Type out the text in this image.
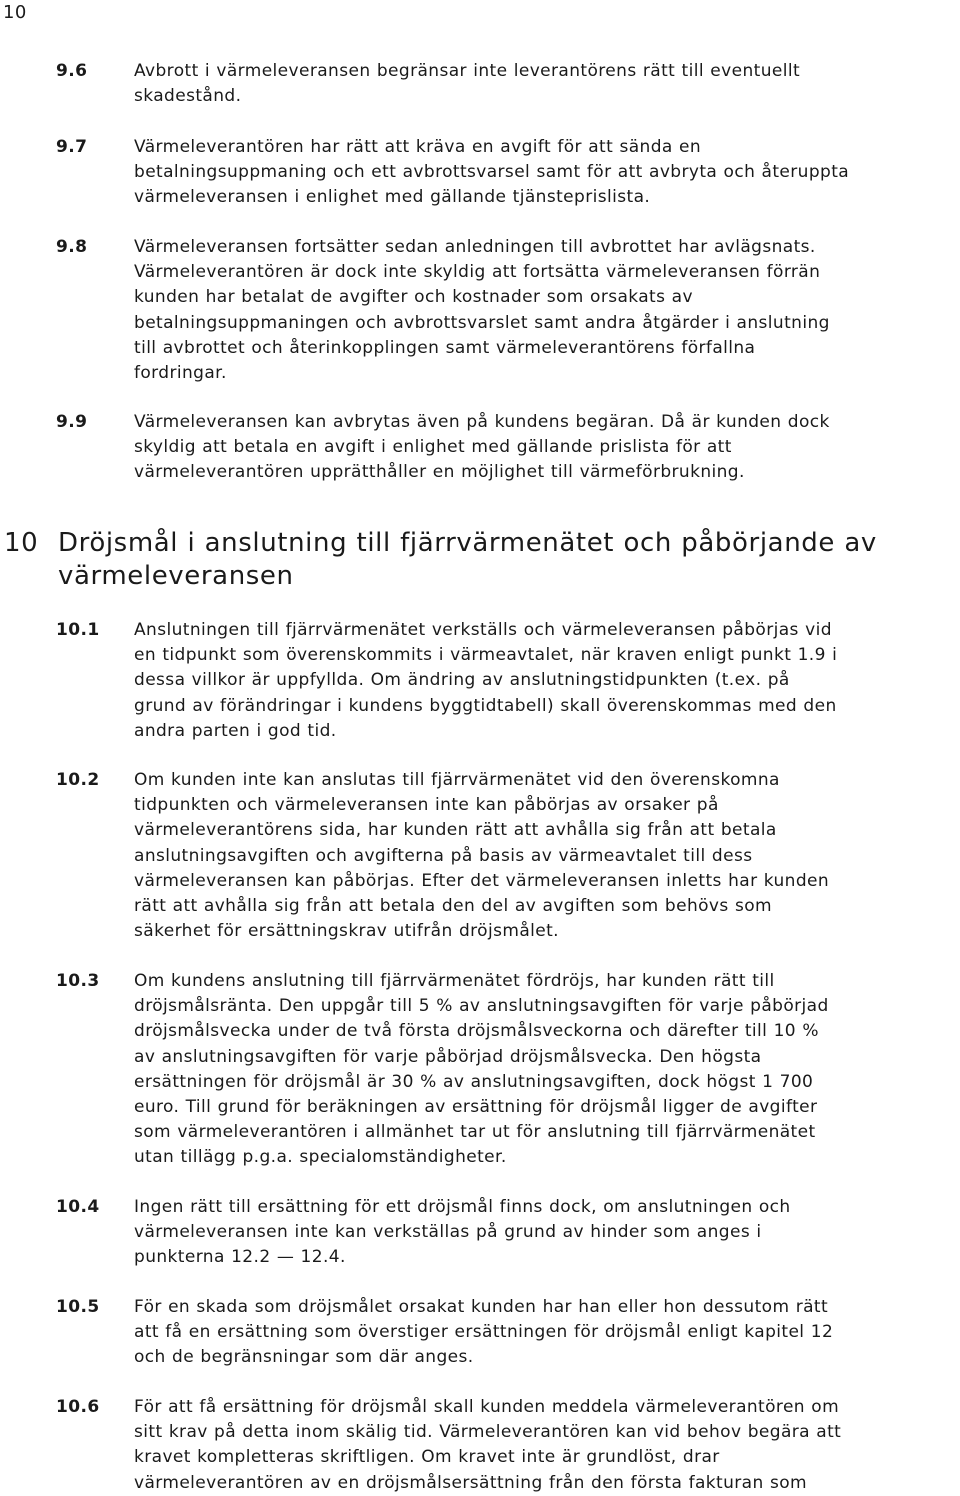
10
9.6	Avbrott i värmeleveransen begränsar inte leverantörens rätt till eventuellt
skadestånd.
9.7	Värmeleverantören har rätt att kräva en avgift för att sända en
betalningsuppmaning och ett avbrottsvarsel samt för att avbryta och återuppta
värmeleveransen i enlighet med gällande tjänsteprislista.
9.8	Värmeleveransen fortsätter sedan anledningen till avbrottet har avlägsnats.
Värmeleverantören är dock inte skyldig att fortsätta värmeleveransen förrän
kunden har betalat de avgifter och kostnader som orsakats av
betalningsuppmaningen och avbrottsvarslet samt andra åtgärder i anslutning
till avbrottet och återinkopplingen samt värmeleverantörens förfallna
fordringar.
9.9	Värmeleveransen kan avbrytas även på kundens begäran. Då är kunden dock
skyldig att betala en avgift i enlighet med gällande prislista för att
värmeleverantören upprätthåller en möjlighet till värmeförbrukning.
10 Dröjsmål i anslutning till fjärrvärmenätet och påbörjande av
värmeleveransen
10.1	Anslutningen till fjärrvärmenätet verkställs och värmeleveransen påbörjas vid
en tidpunkt som överenskommits i värmeavtalet, när kraven enligt punkt 1.9 i
dessa villkor är uppfyllda. Om ändring av anslutningstidpunkten (t.ex. på
grund av förändringar i kundens byggtidtabell) skall överenskommas med den
andra parten i god tid.
10.2	Om kunden inte kan anslutas till fjärrvärmenätet vid den överenskomna
tidpunkten och värmeleveransen inte kan påbörjas av orsaker på
värmeleverantörens sida, har kunden rätt att avhålla sig från att betala
anslutningsavgiften och avgifterna på basis av värmeavtalet till dess
värmeleveransen kan påbörjas. Efter det värmeleveransen inletts har kunden
rätt att avhålla sig från att betala den del av avgiften som behövs som
säkerhet för ersättningskrav utifrån dröjsmålet.
10.3	Om kundens anslutning till fjärrvärmenätet fördröjs, har kunden rätt till
dröjsmålsränta. Den uppgår till 5 % av anslutningsavgiften för varje påbörjad
dröjsmålsvecka under de två första dröjsmålsveckorna och därefter till 10 %
av anslutningsavgiften för varje påbörjad dröjsmålsvecka. Den högsta
ersättningen för dröjsmål är 30 % av anslutningsavgiften, dock högst 1 700
euro. Till grund för beräkningen av ersättning för dröjsmål ligger de avgifter
som värmeleverantören i allmänhet tar ut för anslutning till fjärrvärmenätet
utan tillägg p.g.a. specialomständigheter.
10.4	Ingen rätt till ersättning för ett dröjsmål finns dock, om anslutningen och
värmeleveransen inte kan verkställas på grund av hinder som anges i
punkterna 12.2 — 12.4.
10.5	För en skada som dröjsmålet orsakat kunden har han eller hon dessutom rätt
att få en ersättning som överstiger ersättningen för dröjsmål enligt kapitel 12
och de begränsningar som där anges.
10.6	För att få ersättning för dröjsmål skall kunden meddela värmeleverantören om
sitt krav på detta inom skälig tid. Värmeleverantören kan vid behov begära att
kravet kompletteras skriftligen. Om kravet inte är grundlöst, drar
värmeleverantören av en dröjsmålsersättning från den första fakturan som
